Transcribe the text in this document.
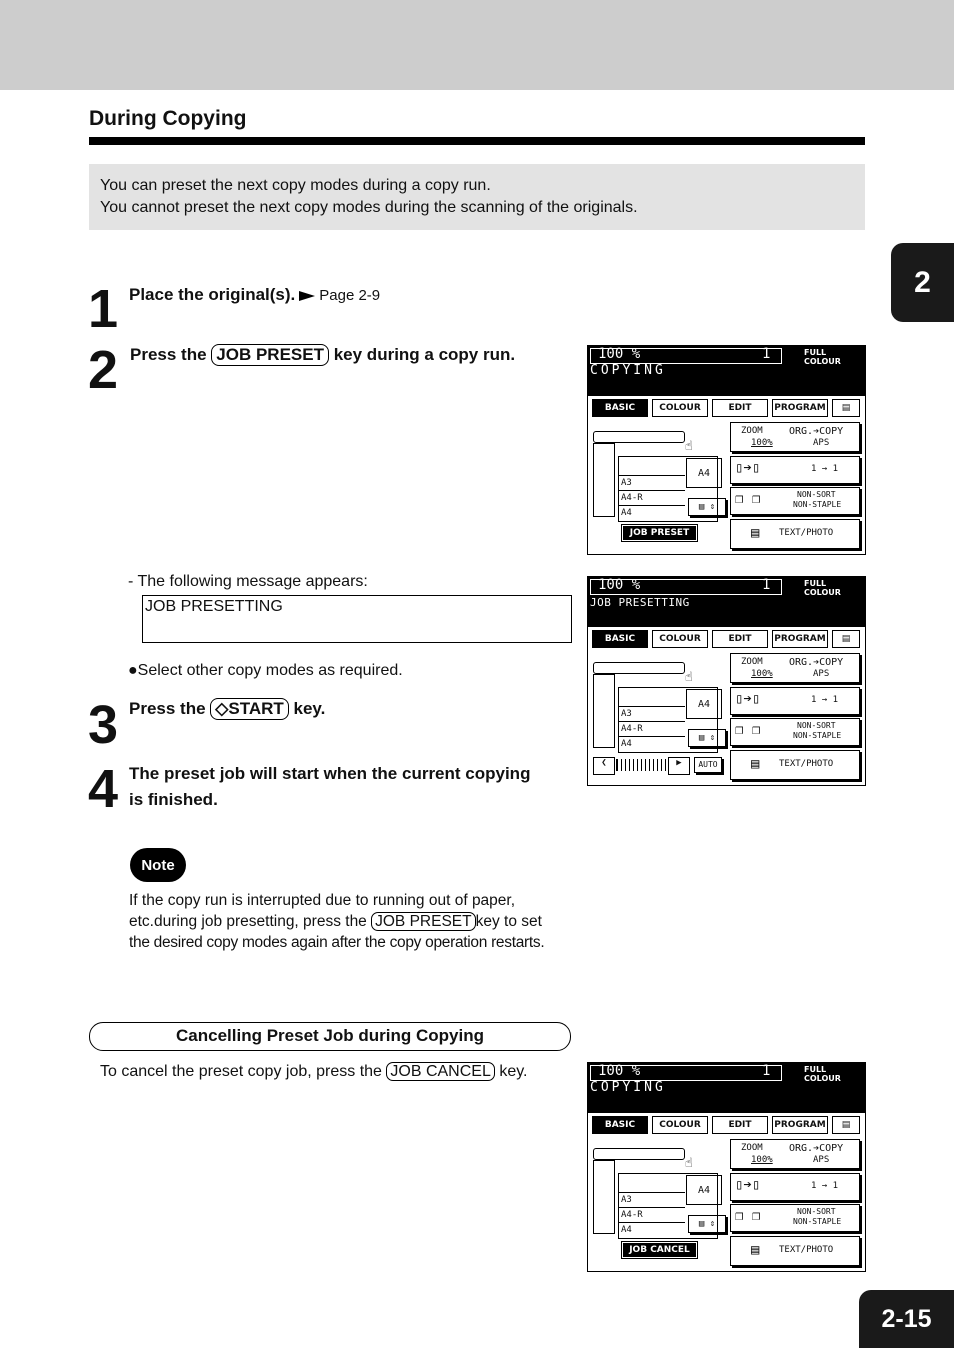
During Copying
You can preset the next copy modes during a copy run.
You cannot preset the next copy modes during the scanning of the originals.
2
1 Place the original(s). Page 2-9
2 Press the JOB PRESET key during a copy run.
- The following message appears:
JOB PRESETTING
●Select other copy modes as required.
3 Press the ◇START key.
4 The preset job will start when the current copying
is finished.
Note
If the copy run is interrupted due to running out of paper,
etc.during job presetting, press the JOB PRESET key to set
the desired copy modes again after the copy operation restarts.
Cancelling Preset Job during Copying
To cancel the preset copy job, press the JOB CANCEL key.
100 %	1	FULL COLOUR
COPYING
BASIC	COLOUR	EDIT	PROGRAM	▤
☝
A3
A4-R
A4
A4
▤ ⇕
ZOOM	ORG.➔COPY
100%	APS
▯➔▯	1 → 1
❐ ❐	NON-SORT
NON-STAPLE
▤ TEXT/PHOTO
JOB PRESET
100 %	1	FULL COLOUR
JOB PRESETTING
BASIC	COLOUR	EDIT	PROGRAM	▤
☝
A3
A4-R
A4
A4
▤ ⇕
ZOOM	ORG.➔COPY
100%	APS
▯➔▯	1 → 1
❐ ❐	NON-SORT
NON-STAPLE
▤ TEXT/PHOTO
❮	▶	AUTO
100 %	1	FULL COLOUR
COPYING
BASIC	COLOUR	EDIT	PROGRAM	▤
☝
A3
A4-R
A4
A4
▤ ⇕
ZOOM	ORG.➔COPY
100%	APS
▯➔▯	1 → 1
❐ ❐	NON-SORT
NON-STAPLE
▤ TEXT/PHOTO
JOB CANCEL
2-15
